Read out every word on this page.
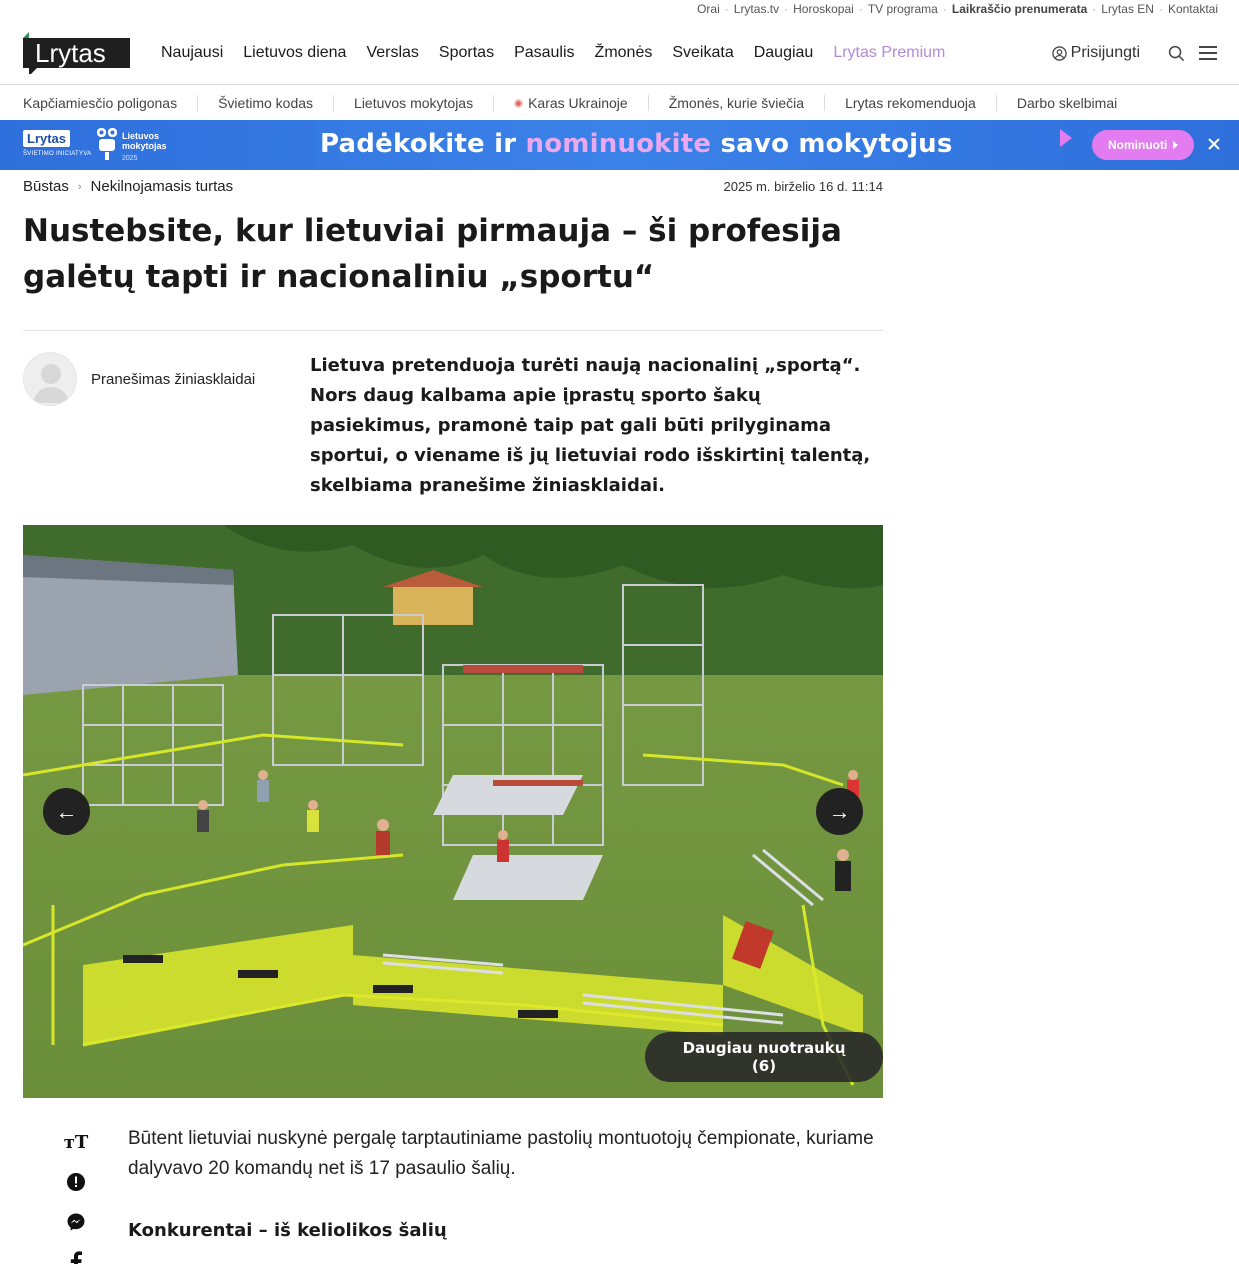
Orai · Lrytas.tv · Horoskopai · TV programa · Laikraščio prenumerata · Lrytas EN · Kontaktai
Lrytas	Naujausi Lietuvos diena Verslas Sportas Pasaulis Žmonės Sveikata Daugiau Lrytas Premium	Prisijungti
Kapčiamiesčio poligonas	Švietimo kodas	Lietuvos mokytojas	Karas Ukrainoje	Žmonės, kurie šviečia	Lrytas rekomenduoja	Darbo skelbimai
Lrytas
ŠVIETIMO INICIATYVA
Lietuvos
mokytojas
2025	Padėkokite ir nominuokite savo mokytojus	Nominuoti
Būstas › Nekilnojamasis turtas	2025 m. birželio 16 d. 11:14
Nustebsite, kur lietuviai pirmauja – ši profesija galėtų tapti ir nacionaliniu „sportu“
Pranešimas žiniasklaidai

Lietuva pretenduoja turėti naują nacionalinį „sportą“. Nors daug kalbama apie įprastų sporto šakų pasiekimus, pramonė taip pat gali būti prilyginama sportui, o viename iš jų lietuviai rodo išskirtinį talentą, skelbiama pranešime žiniasklaidai.

←	→
Daugiau nuotraukų (6)
тT Būtent lietuviai nuskynė pergalę tarptautiniame pastolių montuotojų čempionate, kuriame dalyvavo 20 komandų net iš 17 pasaulio šalių.

Konkurentai – iš keliolikos šalių
